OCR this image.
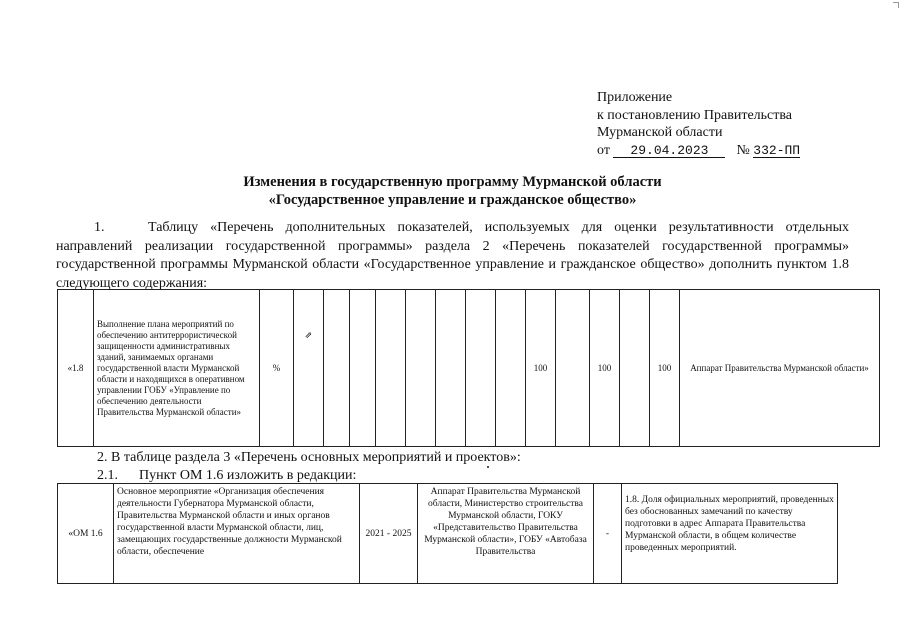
Приложение
к постановлению Правительства
Мурманской области
от 29.04.2023 № 332-ПП
Изменения в государственную программу Мурманской области
«Государственное управление и гражданское общество»
1.	Таблицу «Перечень дополнительных показателей, используемых для оценки результативности отдельных направлений реализации государственной программы» раздела 2 «Перечень показателей государственной программы» государственной программы Мурманской области «Государственное управление и гражданское общество» дополнить пунктом 1.8 следующего содержания:
«1.8	Выполнение плана мероприятий по обеспечению антитеррористической защищенности административных зданий, занимаемых органами государственной власти Мурманской области и находящихся в оперативном управлении ГОБУ «Управление по обеспечению деятельности Правительства Мурманской области»	%	⇗								100		100		100	Аппарат Правительства Мурманской области»
2. В таблице раздела 3 «Перечень основных мероприятий и проектов»:
2.1. Пункт ОМ 1.6 изложить в редакции:
«ОМ 1.6	Основное мероприятие «Организация обеспечения деятельности Губернатора Мурманской области, Правительства Мурманской области и иных органов государственной власти Мурманской области, лиц, замещающих государственные должности Мурманской области, обеспечение	2021 - 2025	Аппарат Правительства Мурманской области, Министерство строительства Мурманской области, ГОКУ «Представительство Правительства Мурманской области», ГОБУ «Автобаза Правительства	-	1.8. Доля официальных мероприятий, проведенных без обоснованных замечаний по качеству подготовки в адрес Аппарата Правительства Мурманской области, в общем количестве проведенных мероприятий.
